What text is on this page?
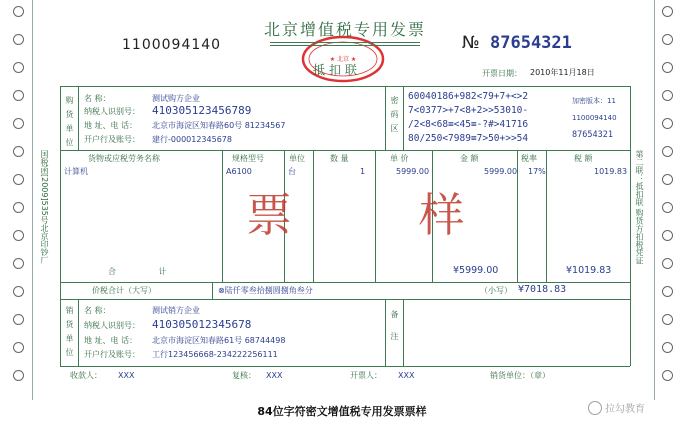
国税函[2009]535号北京印钞厂	第二联：抵扣联 购货方扣税凭证
1100094140
★ 北京 ★
北京增值税专用发票
抵扣联
№ 87654321
开票日期： 2010年11月18日
购货单位 名 称：	测试购方企业
纳税人识别号： 410305123456789
地 址、电 话： 北京市海淀区知春路60号 81234567
开户行及账号： 建行-000012345678
密码区 60040186+982<79+7+<>2
7<0377>+7<8+2>>53010-
/2<8<68≡<45≡-?#>41716
80/250<7989≡7>50+>>54
加密版本：11
1100094140
87654321
货物或应税劳务名称	规格型号	单位	数 量	单 价	金 额	税率	税 额
计算机	A6100	台	1	5999.00	5999.00 17%	1019.83
票 样
合 计	¥5999.00	¥1019.83
价税合计（大写）	⊗陆仟零叁拾捌圆捌角叁分	（小写） ¥7018.83
销货单位 名 称：	测试销方企业
纳税人识别号： 410305012345678
地 址、电 话： 北京市海淀区知春路61号 68744498
开户行及账号： 工行123456668-234222256111
备注
收款人： XXX	复核： XXX	开票人： XXX	销货单位：（章）
84位字符密文增值税专用发票票样	拉勾教育
